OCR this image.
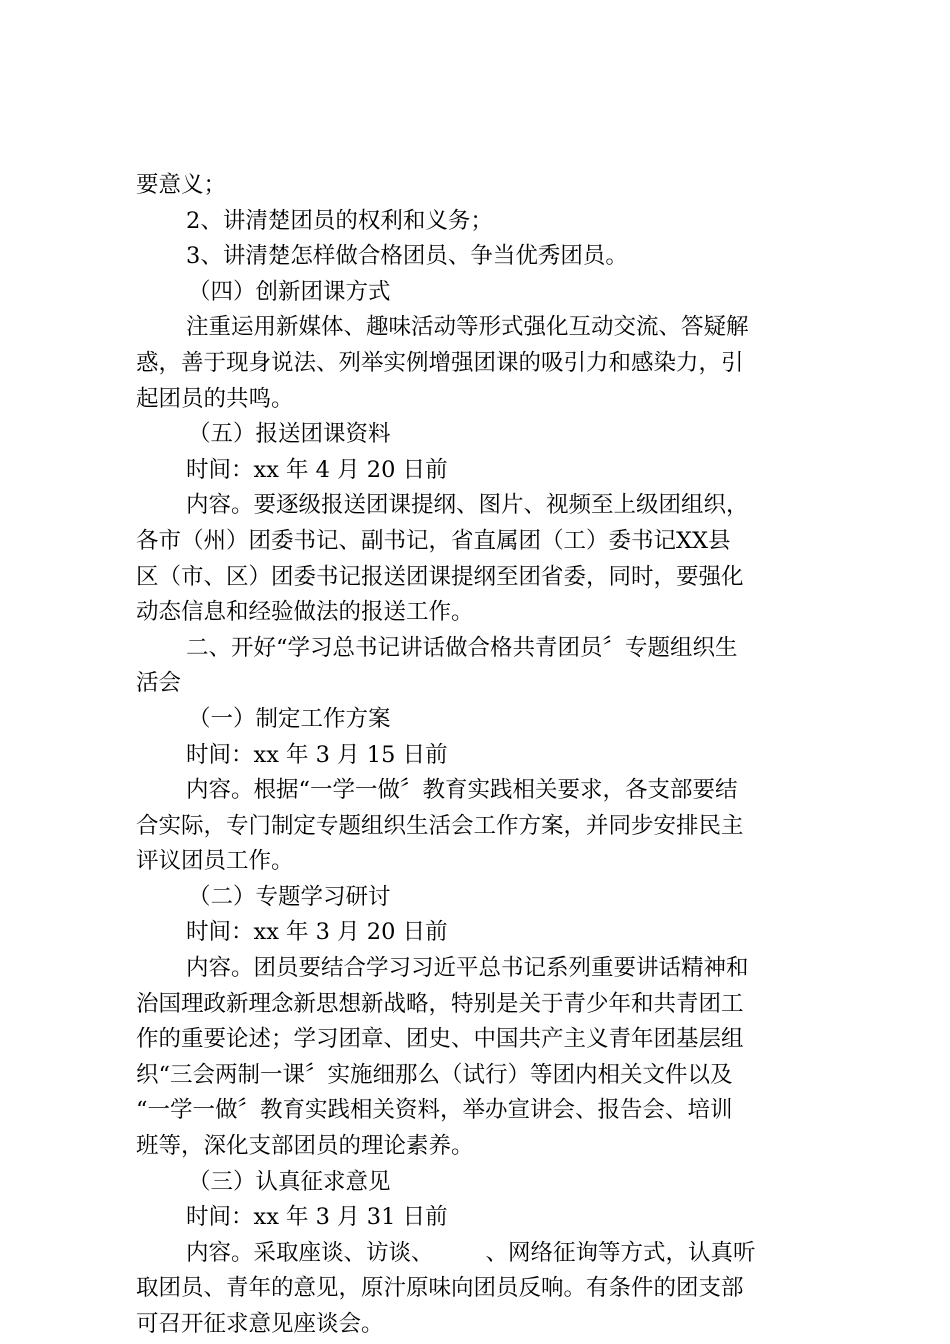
要意义；
2、讲清楚团员的权利和义务；
3、讲清楚怎样做合格团员、争当优秀团员。
（四）创新团课方式
注重运用新媒体、趣味活动等形式强化互动交流、答疑解
惑，善于现身说法、列举实例增强团课的吸引力和感染力，引
起团员的共鸣。
（五）报送团课资料
时间：xx 年 4 月 20 日前
内容。要逐级报送团课提纲、图片、视频至上级团组织，
各市（州）团委书记、副书记，省直属团（工）委书记XX县
区（市、区）团委书记报送团课提纲至团省委，同时，要强化
动态信息和经验做法的报送工作。
二、开好“学习总书记讲话做合格共青团员〞专题组织生
活会
（一）制定工作方案
时间：xx 年 3 月 15 日前
内容。根据“一学一做〞教育实践相关要求，各支部要结
合实际，专门制定专题组织生活会工作方案，并同步安排民主
评议团员工作。
（二）专题学习研讨
时间：xx 年 3 月 20 日前
内容。团员要结合学习习近平总书记系列重要讲话精神和
治国理政新理念新思想新战略，特别是关于青少年和共青团工
作的重要论述；学习团章、团史、中国共产主义青年团基层组
织“三会两制一课〞实施细那么（试行）等团内相关文件以及
“一学一做〞教育实践相关资料，举办宣讲会、报告会、培训
班等，深化支部团员的理论素养。
（三）认真征求意见
时间：xx 年 3 月 31 日前
内容。采取座谈、访谈、 、网络征询等方式，认真听
取团员、青年的意见，原汁原味向团员反响。有条件的团支部
可召开征求意见座谈会。
